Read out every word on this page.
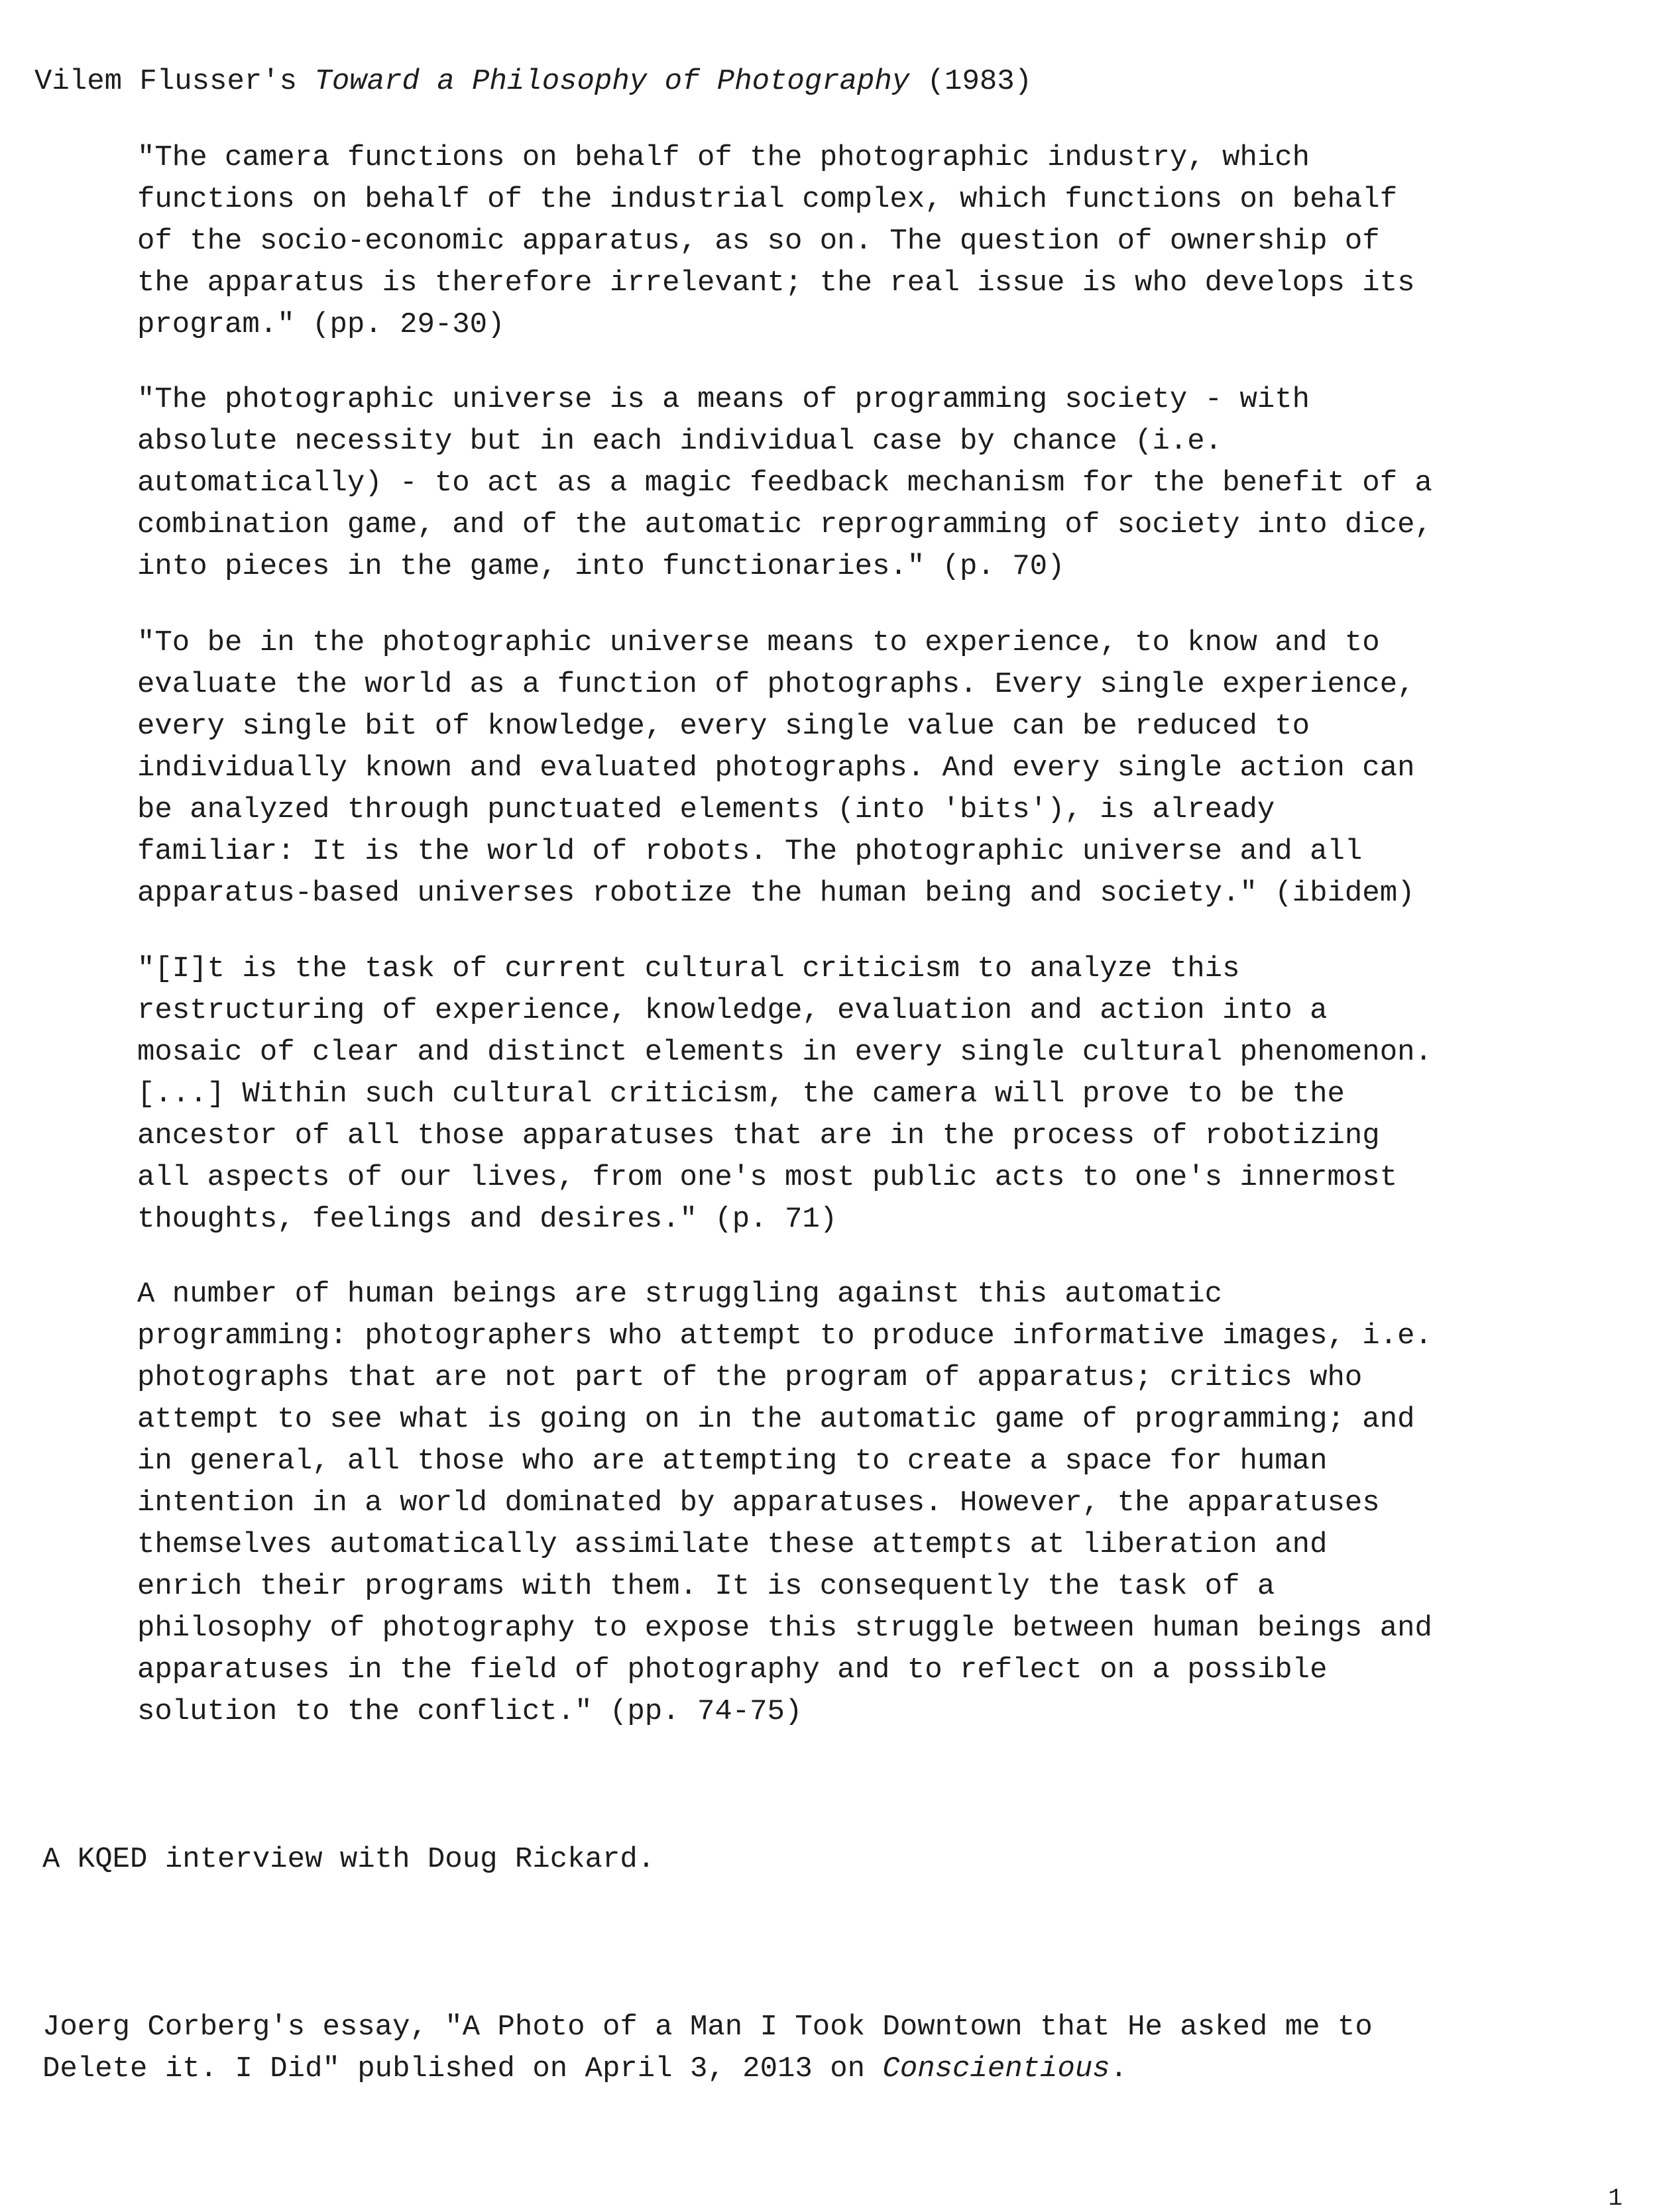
Vilem Flusser's Toward a Philosophy of Photography (1983)
"The camera functions on behalf of the photographic industry, which
functions on behalf of the industrial complex, which functions on behalf
of the socio-economic apparatus, as so on. The question of ownership of
the apparatus is therefore irrelevant; the real issue is who develops its
program." (pp. 29-30)
"The photographic universe is a means of programming society - with
absolute necessity but in each individual case by chance (i.e.
automatically) - to act as a magic feedback mechanism for the benefit of a
combination game, and of the automatic reprogramming of society into dice,
into pieces in the game, into functionaries." (p. 70)
"To be in the photographic universe means to experience, to know and to
evaluate the world as a function of photographs. Every single experience,
every single bit of knowledge, every single value can be reduced to
individually known and evaluated photographs. And every single action can
be analyzed through punctuated elements (into 'bits'), is already
familiar: It is the world of robots. The photographic universe and all
apparatus-based universes robotize the human being and society." (ibidem)
"[I]t is the task of current cultural criticism to analyze this
restructuring of experience, knowledge, evaluation and action into a
mosaic of clear and distinct elements in every single cultural phenomenon.
[...] Within such cultural criticism, the camera will prove to be the
ancestor of all those apparatuses that are in the process of robotizing
all aspects of our lives, from one's most public acts to one's innermost
thoughts, feelings and desires." (p. 71)
A number of human beings are struggling against this automatic
programming: photographers who attempt to produce informative images, i.e.
photographs that are not part of the program of apparatus; critics who
attempt to see what is going on in the automatic game of programming; and
in general, all those who are attempting to create a space for human
intention in a world dominated by apparatuses. However, the apparatuses
themselves automatically assimilate these attempts at liberation and
enrich their programs with them. It is consequently the task of a
philosophy of photography to expose this struggle between human beings and
apparatuses in the field of photography and to reflect on a possible
solution to the conflict." (pp. 74-75)
A KQED interview with Doug Rickard.
Joerg Corberg's essay, "A Photo of a Man I Took Downtown that He asked me to
Delete it. I Did" published on April 3, 2013 on Conscientious.
1
